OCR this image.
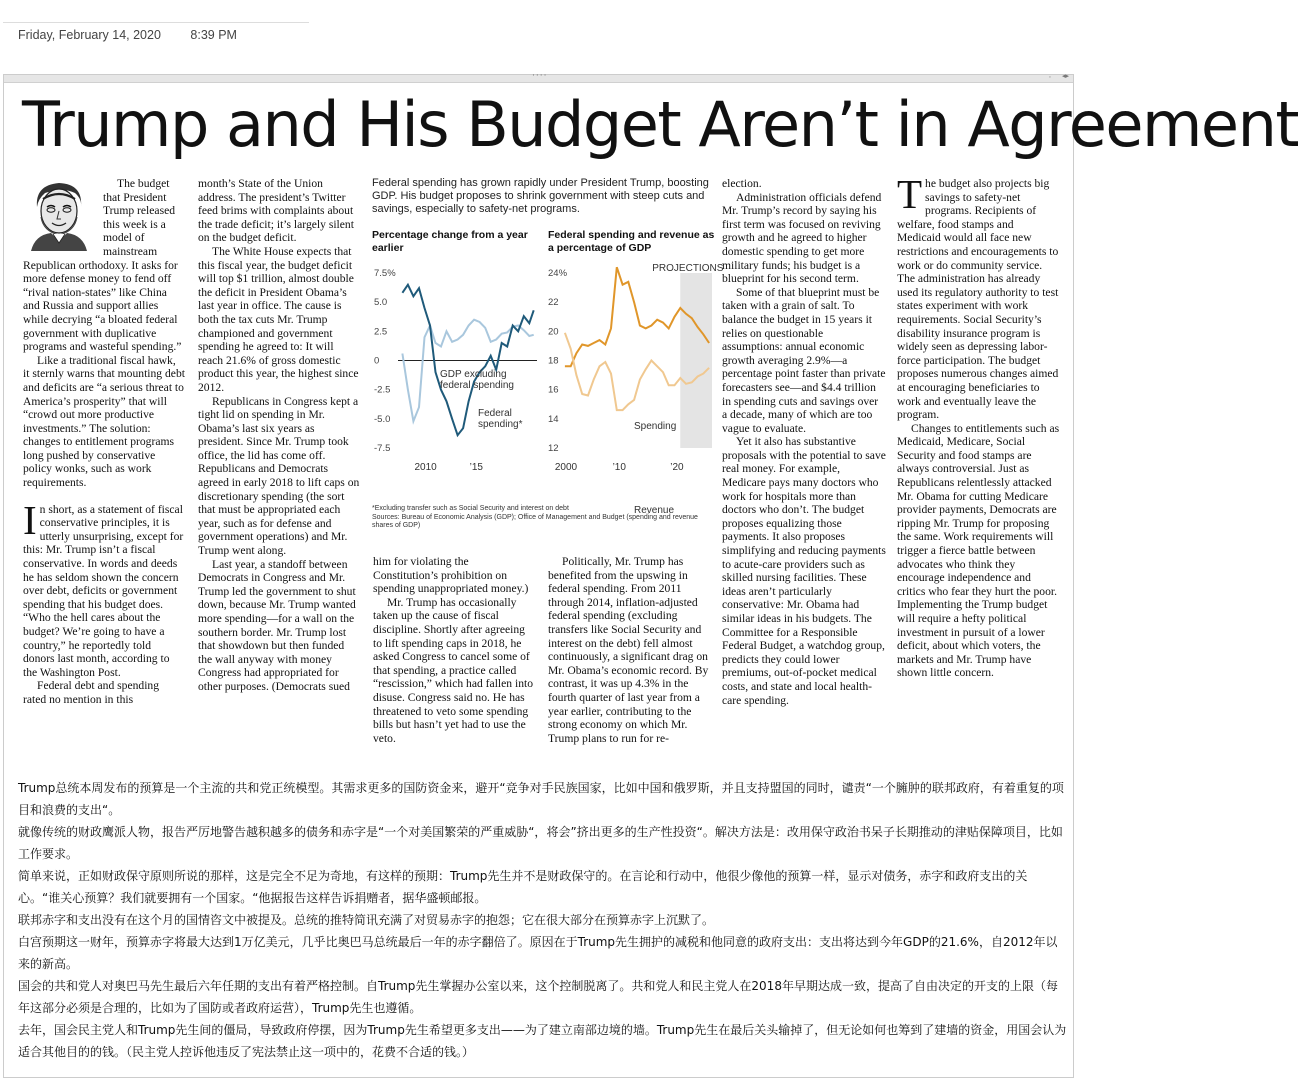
Friday, February 14, 2020 8:39 PM
····	◦ ◂▸
Trump and His Budget Aren’t in Agreement

The budget that President Trump released this week is a model of mainstream Republican orthodoxy. It asks for more defense money to fend off “rival nation-states” like China and Russia and support allies while decrying “a bloated federal government with duplicative programs and wasteful spending.”

Like a traditional fiscal hawk, it sternly warns that mounting debt and deficits are “a serious threat to America’s prosperity” that will “crowd out more productive investments.” The solution: changes to entitlement programs long pushed by conservative policy wonks, such as work requirements.

In short, as a statement of fiscal conservative principles, it is utterly unsurprising, except for this: Mr. Trump isn’t a fiscal conservative. In words and deeds he has seldom shown the concern over debt, deficits or government spending that his budget does. “Who the hell cares about the budget? We’re going to have a country,” he reportedly told donors last month, according to the Washington Post.

Federal debt and spending rated no mention in this

month’s State of the Union address. The president’s Twitter feed brims with complaints about the trade deficit; it’s largely silent on the budget deficit.

The White House expects that this fiscal year, the budget deficit will top $1 trillion, almost double the deficit in President Obama’s last year in office. The cause is both the tax cuts Mr. Trump championed and government spending he agreed to: It will reach 21.6% of gross domestic product this year, the highest since 2012.

Republicans in Congress kept a tight lid on spending in Mr. Obama’s last six years as president. Since Mr. Trump took office, the lid has come off. Republicans and Democrats agreed in early 2018 to lift caps on discretionary spending (the sort that must be appropriated each year, such as for defense and government operations) and Mr. Trump went along.

Last year, a standoff between Democrats in Congress and Mr. Trump led the government to shut down, because Mr. Trump wanted more spending—for a wall on the southern border. Mr. Trump lost that showdown but then funded the wall anyway with money Congress had appropriated for other purposes. (Democrats sued

Federal spending has grown rapidly under President Trump, boosting GDP. His budget proposes to shrink government with steep cuts and savings, especially to safety-net programs.
Percentage change from a year earlier
Federal spending and revenue as a percentage of GDP
7.5%
5.0
2.5
0
-2.5
-5.0
-7.5
2010	’15
GDP excluding federal spending
Federal spending*
PROJECTIONS
24%
22
20
18
16
14
12
2000	’10	’20
Spending
Revenue
*Excluding transfer such as Social Security and interest on debt
Sources: Bureau of Economic Analysis (GDP); Office of Management and Budget (spending and revenue shares of GDP)

him for violating the Constitution’s prohibition on spending unappropriated money.)

Mr. Trump has occasionally taken up the cause of fiscal discipline. Shortly after agreeing to lift spending caps in 2018, he asked Congress to cancel some of that spending, a practice called “rescission,” which had fallen into disuse. Congress said no. He has threatened to veto some spending bills but hasn’t yet had to use the veto.

Politically, Mr. Trump has benefited from the upswing in federal spending. From 2011 through 2014, inflation-adjusted federal spending (excluding transfers like Social Security and interest on the debt) fell almost continuously, a significant drag on Mr. Obama’s economic record. By contrast, it was up 4.3% in the fourth quarter of last year from a year earlier, contributing to the strong economy on which Mr. Trump plans to run for re-

election.

Administration officials defend Mr. Trump’s record by saying his first term was focused on reviving growth and he agreed to higher domestic spending to get more military funds; his budget is a blueprint for his second term.

Some of that blueprint must be taken with a grain of salt. To balance the budget in 15 years it relies on questionable assumptions: annual economic growth averaging 2.9%—a percentage point faster than private forecasters see—and $4.4 trillion in spending cuts and savings over a decade, many of which are too vague to evaluate.

Yet it also has substantive proposals with the potential to save real money. For example, Medicare pays many doctors who work for hospitals more than doctors who don’t. The budget proposes equalizing those payments. It also proposes simplifying and reducing payments to acute-care providers such as skilled nursing facilities. These ideas aren’t particularly conservative: Mr. Obama had similar ideas in his budgets. The Committee for a Responsible Federal Budget, a watchdog group, predicts they could lower premiums, out-of-pocket medical costs, and state and local health-care spending.

The budget also projects big savings to safety-net programs. Recipients of welfare, food stamps and Medicaid would all face new restrictions and encouragements to work or do community service. The administration has already used its regulatory authority to test states experiment with work requirements. Social Security’s disability insurance program is widely seen as depressing labor-force participation. The budget proposes numerous changes aimed at encouraging beneficiaries to work and eventually leave the program.

Changes to entitlements such as Medicaid, Medicare, Social Security and food stamps are always controversial. Just as Republicans relentlessly attacked Mr. Obama for cutting Medicare provider payments, Democrats are ripping Mr. Trump for proposing the same. Work requirements will trigger a fierce battle between advocates who think they encourage independence and critics who fear they hurt the poor. Implementing the Trump budget will require a hefty political investment in pursuit of a lower deficit, about which voters, the markets and Mr. Trump have shown little concern.

Trump总统本周发布的预算是一个主流的共和党正统模型。其需求更多的国防资金来，避开“竞争对手民族国家，比如中国和俄罗斯，并且支持盟国的同时，谴责“一个臃肿的联邦政府，有着重复的项目和浪费的支出“。

就像传统的财政鹰派人物，报告严厉地警告越积越多的债务和赤字是“一个对美国繁荣的严重威胁“，将会”挤出更多的生产性投资“。解决方法是：改用保守政治书呆子长期推动的津贴保障项目，比如工作要求。

简单来说，正如财政保守原则所说的那样，这是完全不足为奇地，有这样的预期：Trump先生并不是财政保守的。在言论和行动中，他很少像他的预算一样，显示对债务，赤字和政府支出的关心。“谁关心预算？我们就要拥有一个国家。“他据报告这样告诉捐赠者，据华盛顿邮报。

联邦赤字和支出没有在这个月的国情咨文中被提及。总统的推特简讯充满了对贸易赤字的抱怨；它在很大部分在预算赤字上沉默了。

白宫预期这一财年，预算赤字将最大达到1万亿美元，几乎比奥巴马总统最后一年的赤字翻倍了。原因在于Trump先生拥护的减税和他同意的政府支出：支出将达到今年GDP的21.6%，自2012年以来的新高。

国会的共和党人对奥巴马先生最后六年任期的支出有着严格控制。自Trump先生掌握办公室以来，这个控制脱离了。共和党人和民主党人在2018年早期达成一致，提高了自由决定的开支的上限（每年这部分必须是合理的，比如为了国防或者政府运营），Trump先生也遵循。

去年，国会民主党人和Trump先生间的僵局，导致政府停摆，因为Trump先生希望更多支出——为了建立南部边境的墙。Trump先生在最后关头输掉了，但无论如何也筹到了建墙的资金，用国会认为适合其他目的的钱。（民主党人控诉他违反了宪法禁止这一项中的，花费不合适的钱。）
